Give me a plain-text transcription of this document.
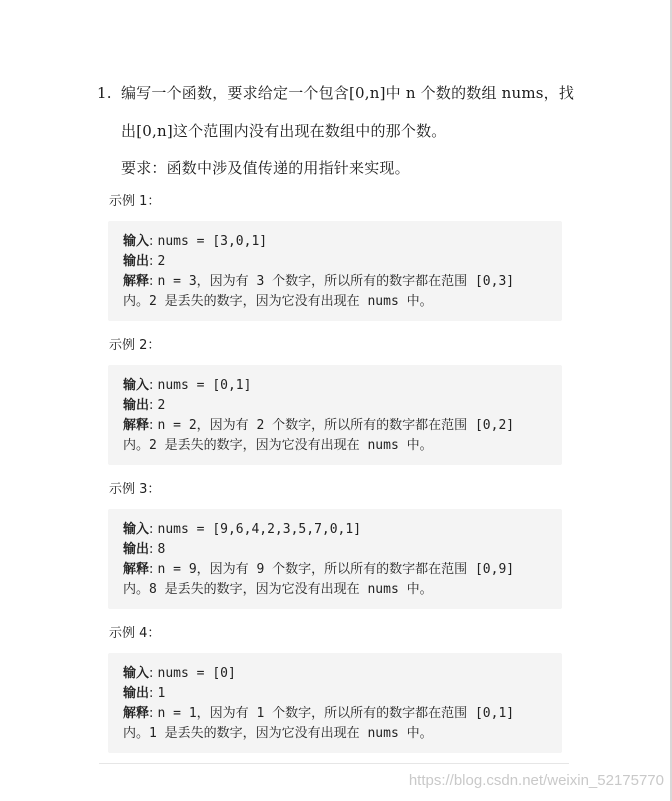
1. 编写一个函数，要求给定一个包含[0,n]中 n 个数的数组 nums，找
出[0,n]这个范围内没有出现在数组中的那个数。
要求：函数中涉及值传递的用指针来实现。
示例 1：
输入: nums = [3,0,1]
输出: 2
解释: n = 3，因为有 3 个数字，所以所有的数字都在范围 [0,3]
内。2 是丢失的数字，因为它没有出现在 nums 中。
示例 2：
输入: nums = [0,1]
输出: 2
解释: n = 2，因为有 2 个数字，所以所有的数字都在范围 [0,2]
内。2 是丢失的数字，因为它没有出现在 nums 中。
示例 3：
输入: nums = [9,6,4,2,3,5,7,0,1]
输出: 8
解释: n = 9，因为有 9 个数字，所以所有的数字都在范围 [0,9]
内。8 是丢失的数字，因为它没有出现在 nums 中。
示例 4：
输入: nums = [0]
输出: 1
解释: n = 1，因为有 1 个数字，所以所有的数字都在范围 [0,1]
内。1 是丢失的数字，因为它没有出现在 nums 中。
https://blog.csdn.net/weixin_52175770
